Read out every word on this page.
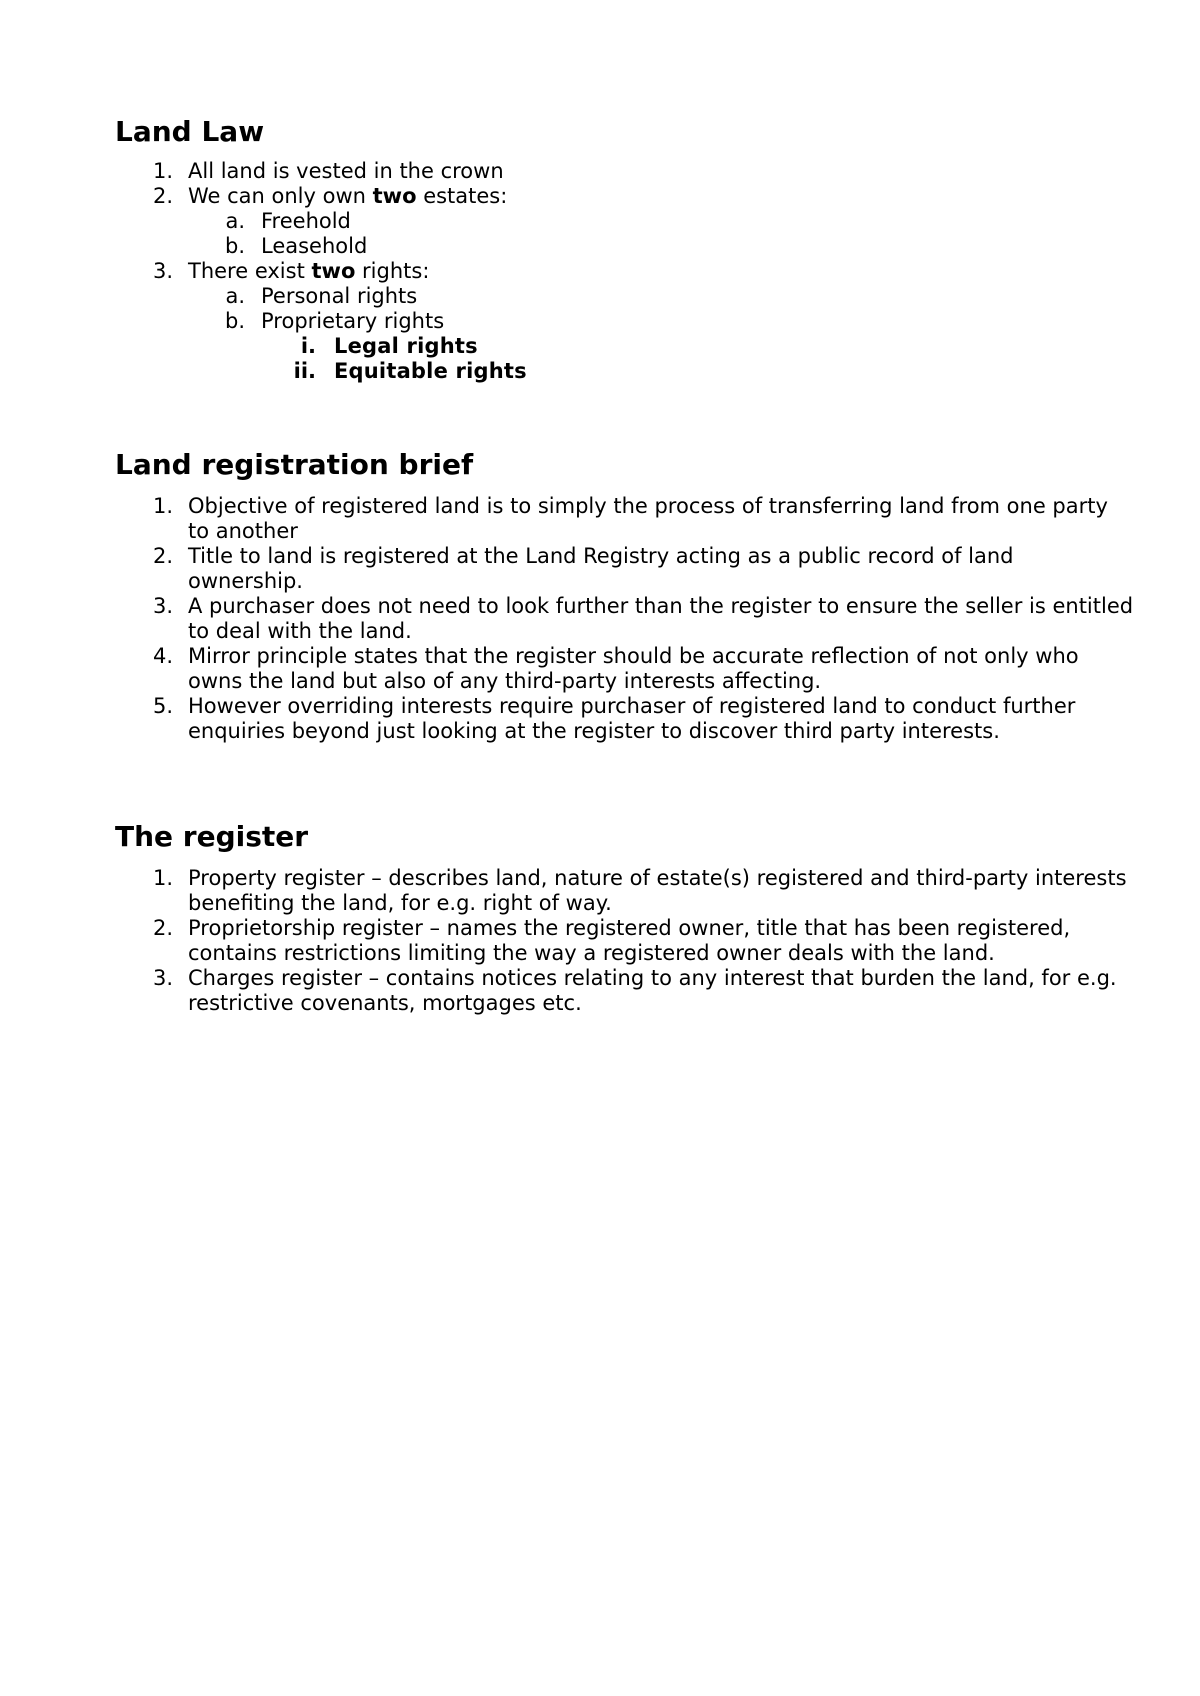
Land Law
1. All land is vested in the crown
2. We can only own two estates:
a. Freehold
b. Leasehold
3. There exist two rights:
a. Personal rights
b. Proprietary rights
i. Legal rights
ii. Equitable rights
Land registration brief
1. Objective of registered land is to simply the process of transferring land from one party to another
2. Title to land is registered at the Land Registry acting as a public record of land ownership.
3. A purchaser does not need to look further than the register to ensure the seller is entitled to deal with the land.
4. Mirror principle states that the register should be accurate reflection of not only who owns the land but also of any third-party interests affecting.
5. However overriding interests require purchaser of registered land to conduct further enquiries beyond just looking at the register to discover third party interests.
The register
1. Property register – describes land, nature of estate(s) registered and third-party interests benefiting the land, for e.g. right of way.
2. Proprietorship register – names the registered owner, title that has been registered, contains restrictions limiting the way a registered owner deals with the land.
3. Charges register – contains notices relating to any interest that burden the land, for e.g. restrictive covenants, mortgages etc.
